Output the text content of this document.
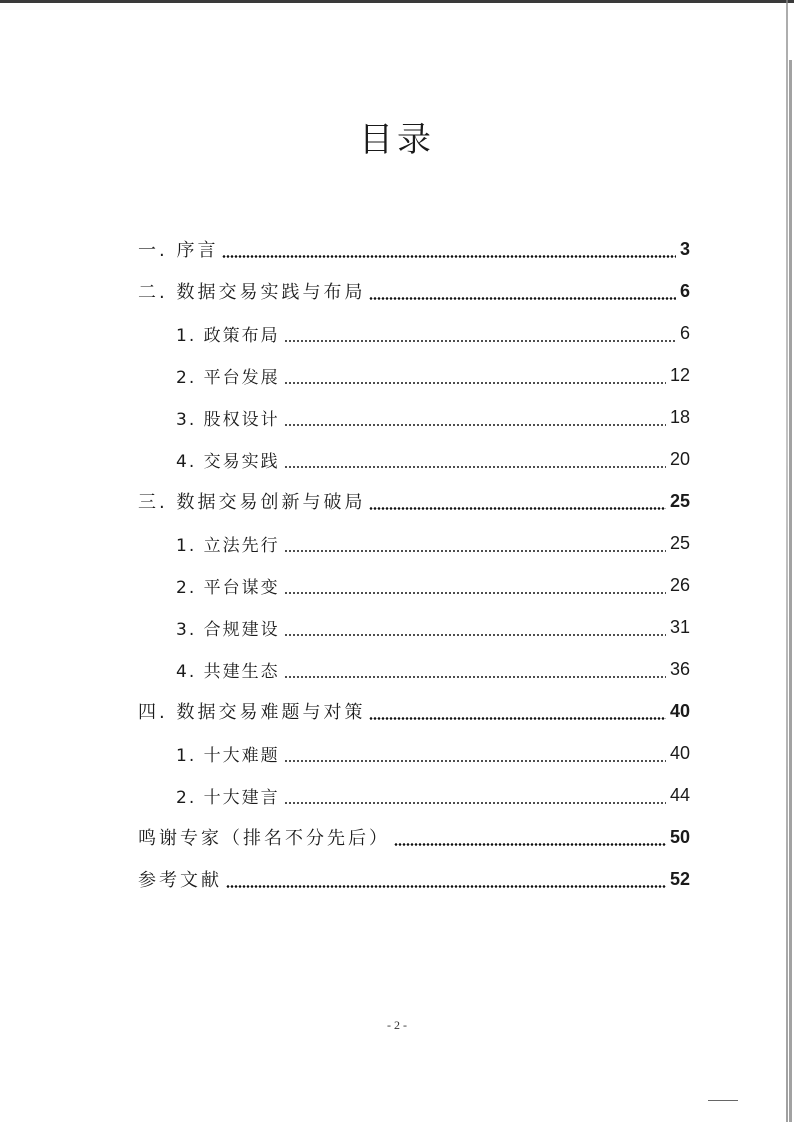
目录
一. 序言	3
二. 数据交易实践与布局	6
1. 政策布局	6
2. 平台发展	12
3. 股权设计	18
4. 交易实践	20
三. 数据交易创新与破局	25
1. 立法先行	25
2. 平台谋变	26
3. 合规建设	31
4. 共建生态	36
四. 数据交易难题与对策	40
1. 十大难题	40
2. 十大建言	44
鸣谢专家（排名不分先后）	50
参考文献	52
- 2 -
